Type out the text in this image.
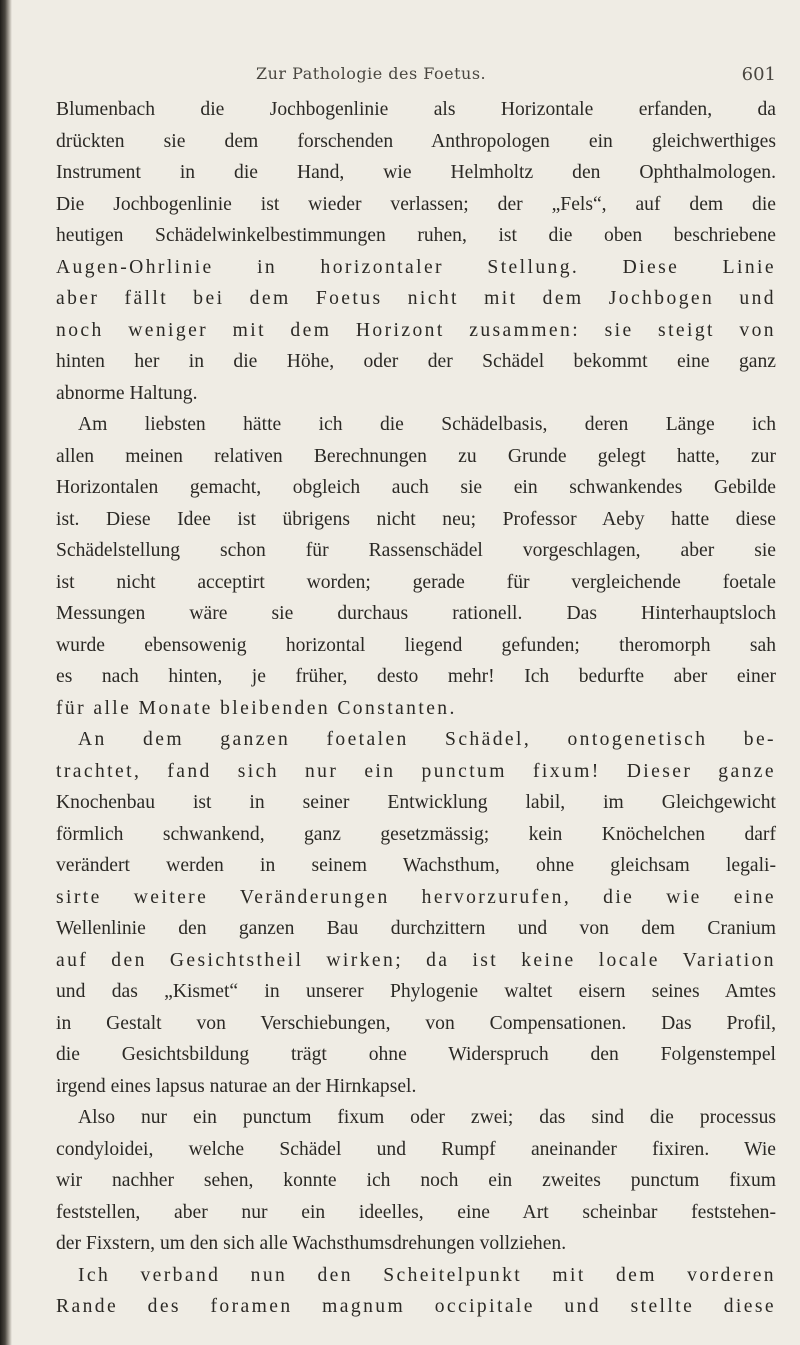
Zur Pathologie des Foetus.	601
Blumenbach die Jochbogenlinie als Horizontale erfanden, da
drückten sie dem forschenden Anthropologen ein gleichwerthiges
Instrument in die Hand, wie Helmholtz den Ophthalmologen.
Die Jochbogenlinie ist wieder verlassen; der „Fels“, auf dem die
heutigen Schädelwinkelbestimmungen ruhen, ist die oben beschriebene
Augen-Ohrlinie in horizontaler Stellung. Diese Linie
aber fällt bei dem Foetus nicht mit dem Jochbogen und
noch weniger mit dem Horizont zusammen: sie steigt von
hinten her in die Höhe, oder der Schädel bekommt eine ganz
abnorme Haltung.
Am liebsten hätte ich die Schädelbasis, deren Länge ich
allen meinen relativen Berechnungen zu Grunde gelegt hatte, zur
Horizontalen gemacht, obgleich auch sie ein schwankendes Gebilde
ist. Diese Idee ist übrigens nicht neu; Professor Aeby hatte diese
Schädelstellung schon für Rassenschädel vorgeschlagen, aber sie
ist nicht acceptirt worden; gerade für vergleichende foetale
Messungen wäre sie durchaus rationell. Das Hinterhauptsloch
wurde ebensowenig horizontal liegend gefunden; theromorph sah
es nach hinten, je früher, desto mehr! Ich bedurfte aber einer
für alle Monate bleibenden Constanten.
An dem ganzen foetalen Schädel, ontogenetisch be-
trachtet, fand sich nur ein punctum fixum! Dieser ganze
Knochenbau ist in seiner Entwicklung labil, im Gleichgewicht
förmlich schwankend, ganz gesetzmässig; kein Knöchelchen darf
verändert werden in seinem Wachsthum, ohne gleichsam legali-
sirte weitere Veränderungen hervorzurufen, die wie eine
Wellenlinie den ganzen Bau durchzittern und von dem Cranium
auf den Gesichtstheil wirken; da ist keine locale Variation
und das „Kismet“ in unserer Phylogenie waltet eisern seines Amtes
in Gestalt von Verschiebungen, von Compensationen. Das Profil,
die Gesichtsbildung trägt ohne Widerspruch den Folgenstempel
irgend eines lapsus naturae an der Hirnkapsel.
Also nur ein punctum fixum oder zwei; das sind die processus
condyloidei, welche Schädel und Rumpf aneinander fixiren. Wie
wir nachher sehen, konnte ich noch ein zweites punctum fixum
feststellen, aber nur ein ideelles, eine Art scheinbar feststehen-
der Fixstern, um den sich alle Wachsthumsdrehungen vollziehen.
Ich verband nun den Scheitelpunkt mit dem vorderen
Rande des foramen magnum occipitale und stellte diese
